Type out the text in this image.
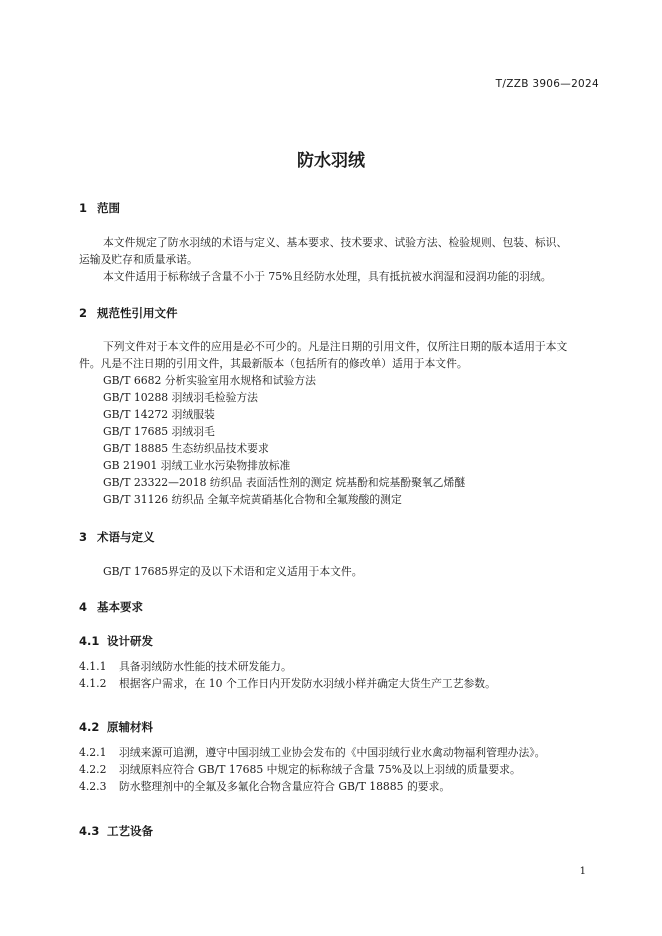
T/ZZB 3906—2024
防水羽绒
1 范围
本文件规定了防水羽绒的术语与定义、基本要求、技术要求、试验方法、检验规则、包装、标识、
运输及贮存和质量承诺。
本文件适用于标称绒子含量不小于 75%且经防水处理，具有抵抗被水润湿和浸润功能的羽绒。
2 规范性引用文件
下列文件对于本文件的应用是必不可少的。凡是注日期的引用文件，仅所注日期的版本适用于本文
件。凡是不注日期的引用文件，其最新版本（包括所有的修改单）适用于本文件。
GB/T 6682 分析实验室用水规格和试验方法
GB/T 10288 羽绒羽毛检验方法
GB/T 14272 羽绒服装
GB/T 17685 羽绒羽毛
GB/T 18885 生态纺织品技术要求
GB 21901 羽绒工业水污染物排放标准
GB/T 23322—2018 纺织品 表面活性剂的测定 烷基酚和烷基酚聚氧乙烯醚
GB/T 31126 纺织品 全氟辛烷黄硝基化合物和全氟羧酸的测定
3 术语与定义
GB/T 17685界定的及以下术语和定义适用于本文件。
4 基本要求
4.1 设计研发
4.1.1 具备羽绒防水性能的技术研发能力。
4.1.2 根据客户需求，在 10 个工作日内开发防水羽绒小样并确定大货生产工艺参数。
4.2 原辅材料
4.2.1 羽绒来源可追溯，遵守中国羽绒工业协会发布的《中国羽绒行业水禽动物福利管理办法》。
4.2.2 羽绒原料应符合 GB/T 17685 中规定的标称绒子含量 75%及以上羽绒的质量要求。
4.2.3 防水整理剂中的全氟及多氟化合物含量应符合 GB/T 18885 的要求。
4.3 工艺设备
1
